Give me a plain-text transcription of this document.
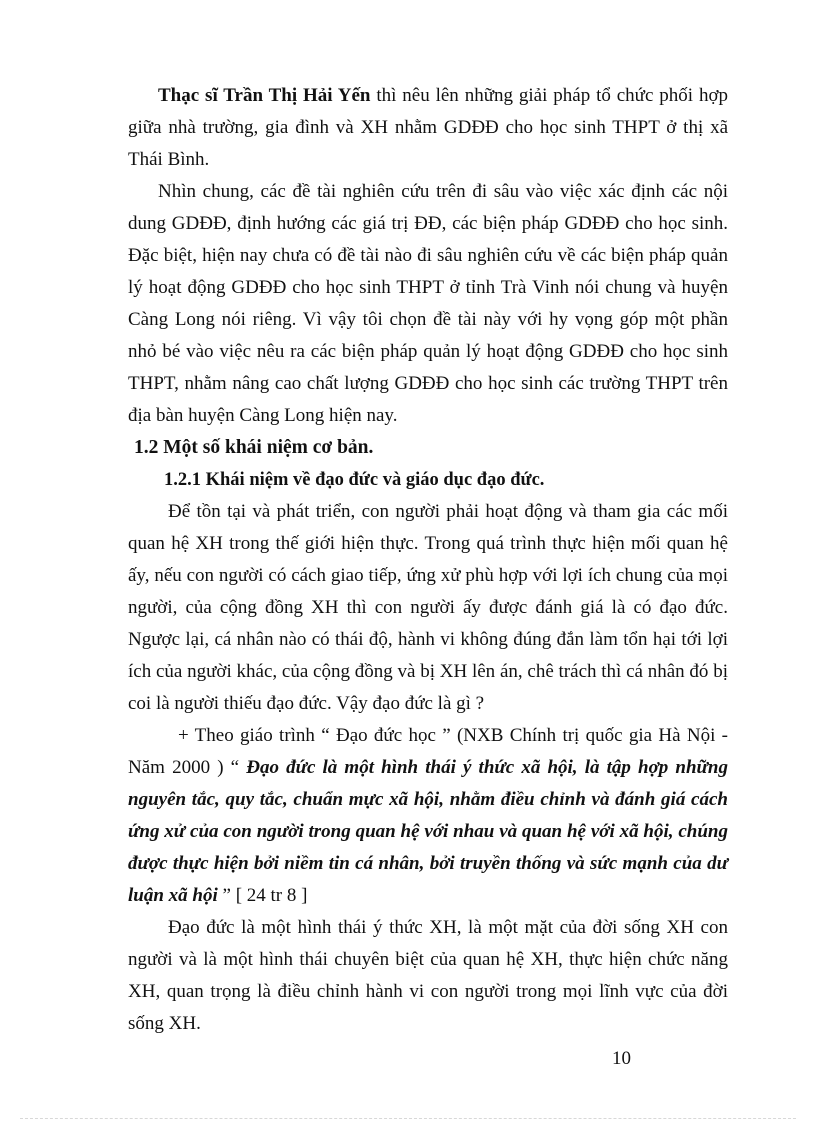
Thạc sĩ Trần Thị Hải Yến thì nêu lên những giải pháp tổ chức phối hợp giữa nhà trường, gia đình và XH nhằm GDĐĐ cho học sinh THPT ở thị xã Thái Bình.

Nhìn chung, các đề tài nghiên cứu trên đi sâu vào việc xác định các nội dung GDĐĐ, định hướng các giá trị ĐĐ, các biện pháp GDĐĐ cho học sinh. Đặc biệt, hiện nay chưa có đề tài nào đi sâu nghiên cứu về các biện pháp quản lý hoạt động GDĐĐ cho học sinh THPT ở tỉnh Trà Vinh nói chung và huyện Càng Long nói riêng. Vì vậy tôi chọn đề tài này với hy vọng góp một phần nhỏ bé vào việc nêu ra các biện pháp quản lý hoạt động GDĐĐ cho học sinh THPT, nhằm nâng cao chất lượng GDĐĐ cho học sinh các trường THPT trên địa bàn huyện Càng Long hiện nay.

1.2 Một số khái niệm cơ bản.

1.2.1 Khái niệm về đạo đức và giáo dục đạo đức.

Để tồn tại và phát triển, con người phải hoạt động và tham gia các mối quan hệ XH trong thế giới hiện thực. Trong quá trình thực hiện mối quan hệ ấy, nếu con người có cách giao tiếp, ứng xử phù hợp với lợi ích chung của mọi người, của cộng đồng XH thì con người ấy được đánh giá là có đạo đức. Ngược lại, cá nhân nào có thái độ, hành vi không đúng đắn làm tổn hại tới lợi ích của người khác, của cộng đồng và bị XH lên án, chê trách thì cá nhân đó bị coi là người thiếu đạo đức. Vậy đạo đức là gì ?

+ Theo giáo trình “ Đạo đức học ” (NXB Chính trị quốc gia Hà Nội - Năm 2000 ) “ Đạo đức là một hình thái ý thức xã hội, là tập hợp những nguyên tắc, quy tắc, chuẩn mực xã hội, nhằm điều chỉnh và đánh giá cách ứng xử của con người trong quan hệ với nhau và quan hệ với xã hội, chúng được thực hiện bởi niềm tin cá nhân, bởi truyền thống và sức mạnh của dư luận xã hội ” [ 24 tr 8 ]

Đạo đức là một hình thái ý thức XH, là một mặt của đời sống XH con người và là một hình thái chuyên biệt của quan hệ XH, thực hiện chức năng XH, quan trọng là điều chỉnh hành vi con người trong mọi lĩnh vực của đời sống XH.

10
